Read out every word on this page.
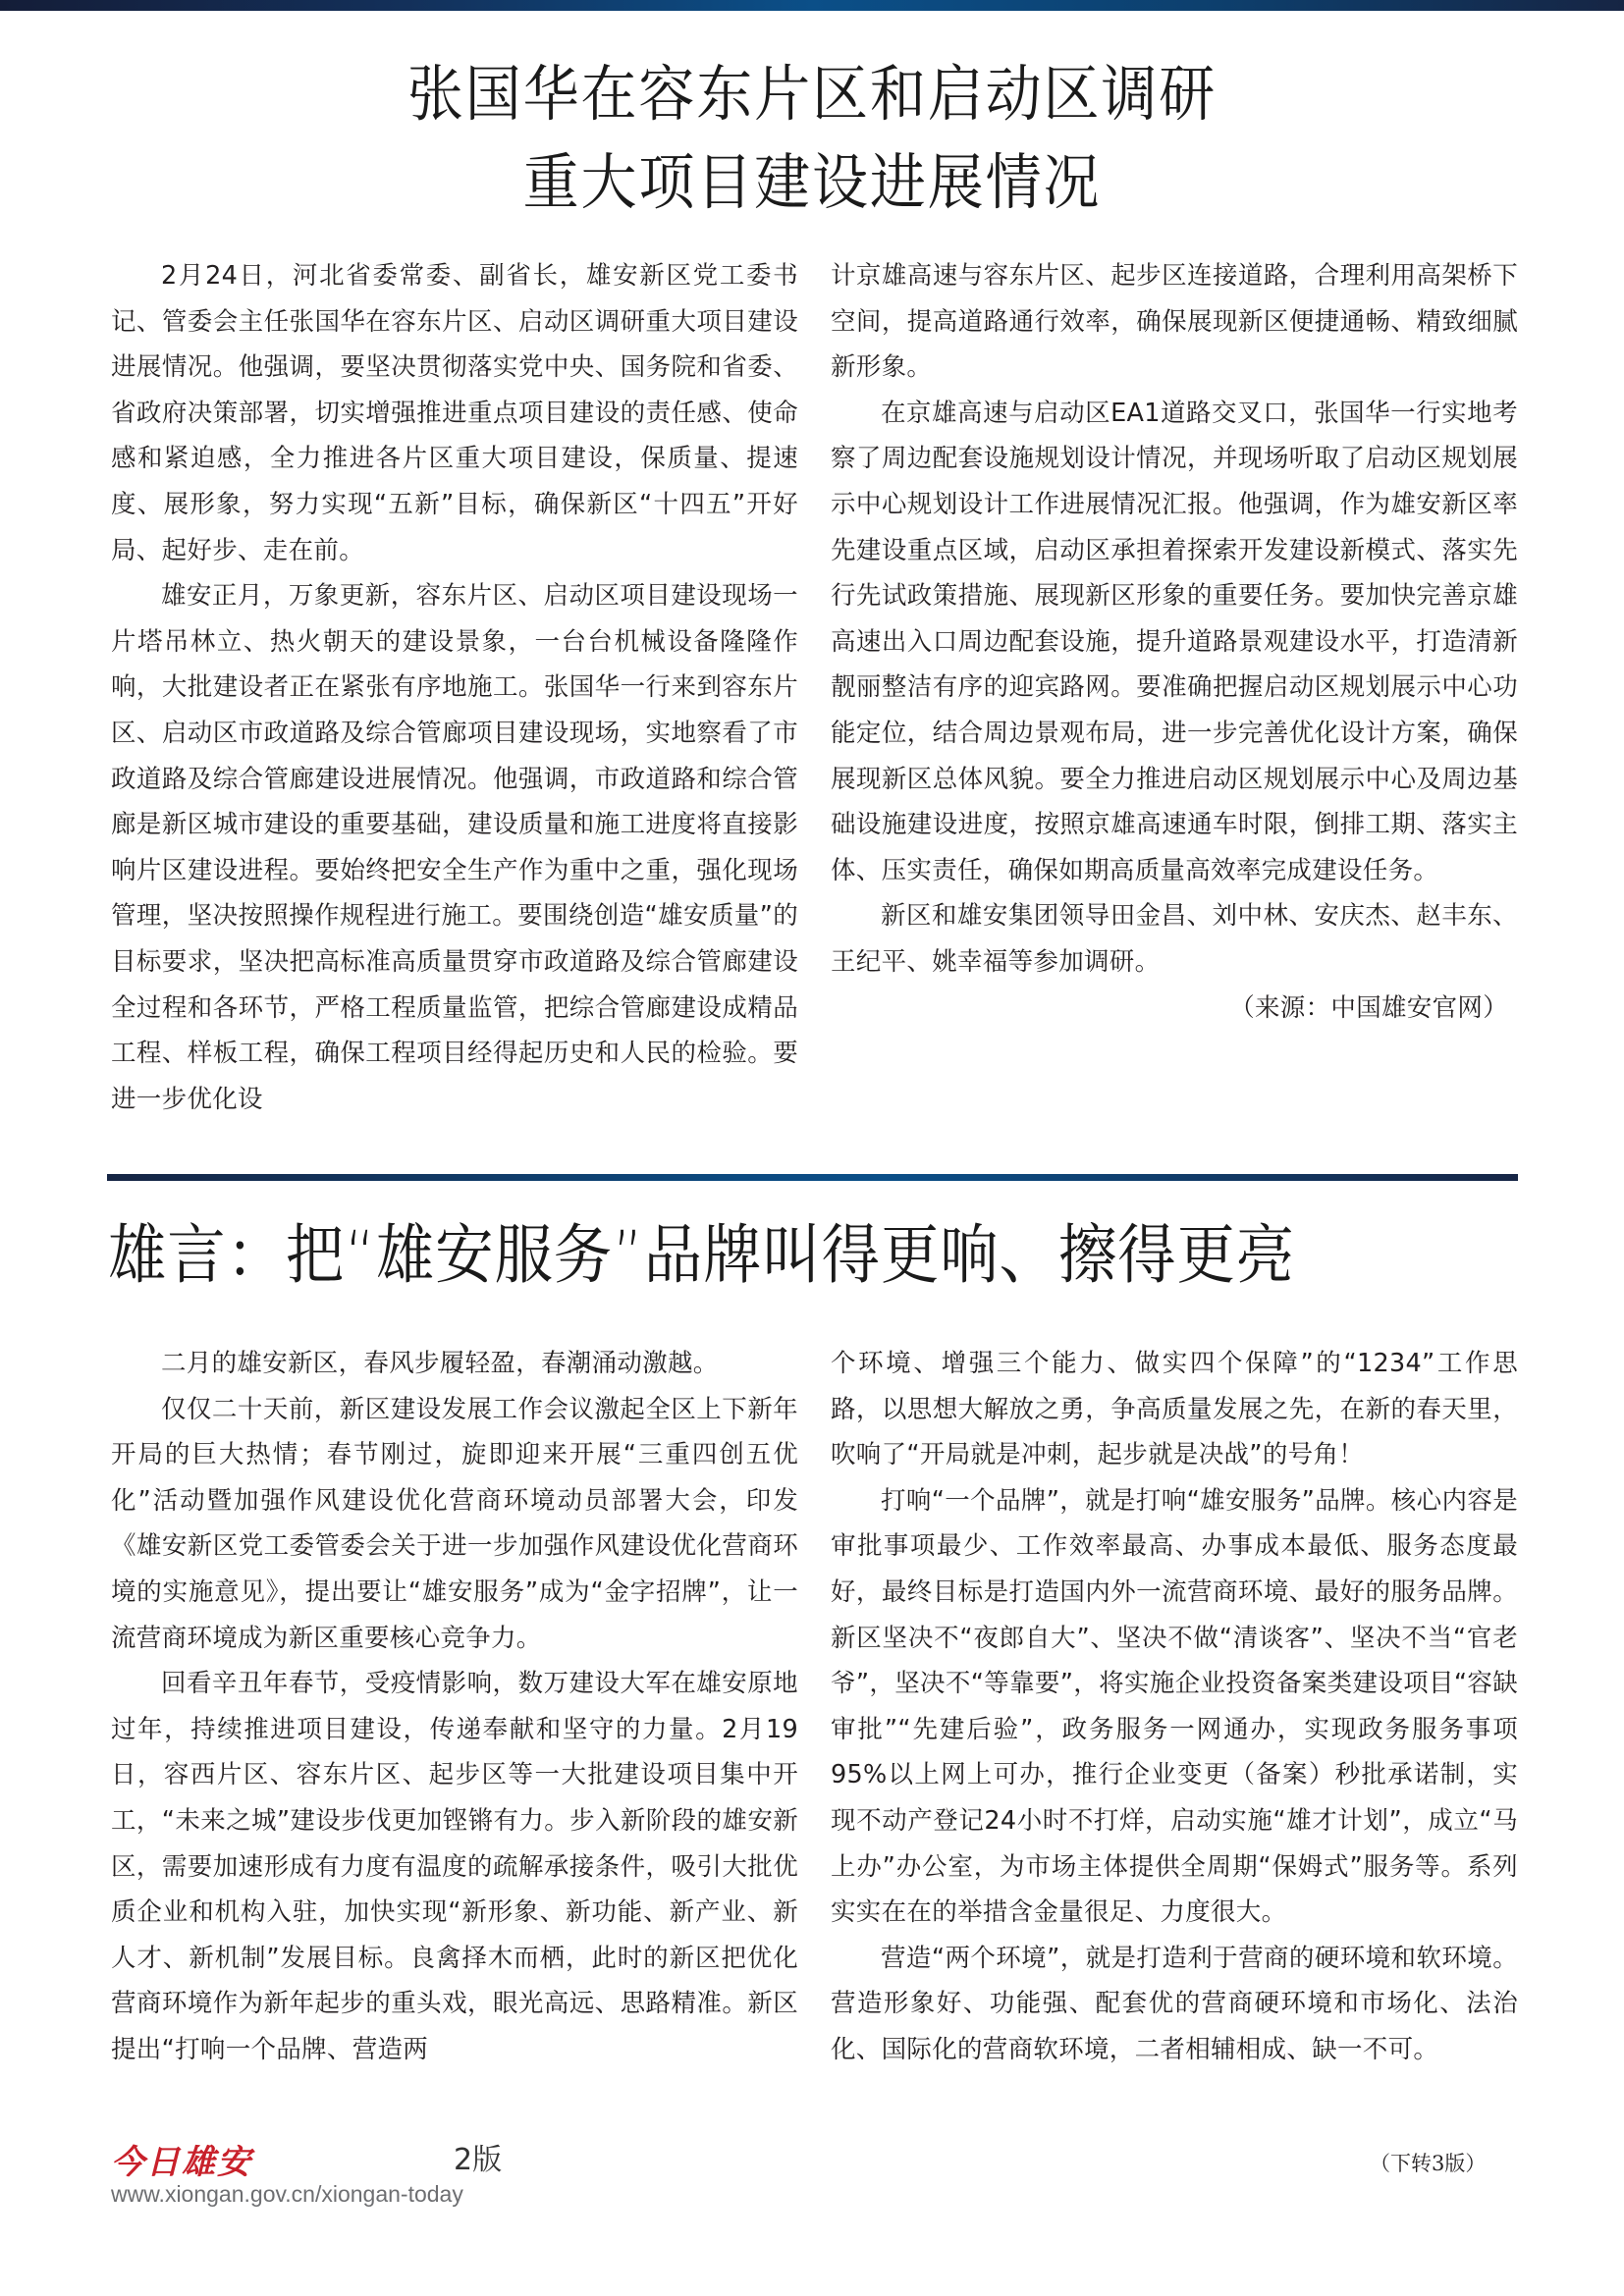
张国华在容东片区和启动区调研
重大项目建设进展情况

2月24日，河北省委常委、副省长，雄安新区党工委书记、管委会主任张国华在容东片区、启动区调研重大项目建设进展情况。他强调，要坚决贯彻落实党中央、国务院和省委、省政府决策部署，切实增强推进重点项目建设的责任感、使命感和紧迫感，全力推进各片区重大项目建设，保质量、提速度、展形象，努力实现“五新”目标，确保新区“十四五”开好局、起好步、走在前。

雄安正月，万象更新，容东片区、启动区项目建设现场一片塔吊林立、热火朝天的建设景象，一台台机械设备隆隆作响，大批建设者正在紧张有序地施工。张国华一行来到容东片区、启动区市政道路及综合管廊项目建设现场，实地察看了市政道路及综合管廊建设进展情况。他强调，市政道路和综合管廊是新区城市建设的重要基础，建设质量和施工进度将直接影响片区建设进程。要始终把安全生产作为重中之重，强化现场管理，坚决按照操作规程进行施工。要围绕创造“雄安质量”的目标要求，坚决把高标准高质量贯穿市政道路及综合管廊建设全过程和各环节，严格工程质量监管，把综合管廊建设成精品工程、样板工程，确保工程项目经得起历史和人民的检验。要进一步优化设

计京雄高速与容东片区、起步区连接道路，合理利用高架桥下空间，提高道路通行效率，确保展现新区便捷通畅、精致细腻新形象。

在京雄高速与启动区EA1道路交叉口，张国华一行实地考察了周边配套设施规划设计情况，并现场听取了启动区规划展示中心规划设计工作进展情况汇报。他强调，作为雄安新区率先建设重点区域，启动区承担着探索开发建设新模式、落实先行先试政策措施、展现新区形象的重要任务。要加快完善京雄高速出入口周边配套设施，提升道路景观建设水平，打造清新靓丽整洁有序的迎宾路网。要准确把握启动区规划展示中心功能定位，结合周边景观布局，进一步完善优化设计方案，确保展现新区总体风貌。要全力推进启动区规划展示中心及周边基础设施建设进度，按照京雄高速通车时限，倒排工期、落实主体、压实责任，确保如期高质量高效率完成建设任务。

新区和雄安集团领导田金昌、刘中林、安庆杰、赵丰东、王纪平、姚幸福等参加调研。

（来源：中国雄安官网）

雄言：把“雄安服务”品牌叫得更响、擦得更亮

二月的雄安新区，春风步履轻盈，春潮涌动激越。

仅仅二十天前，新区建设发展工作会议激起全区上下新年开局的巨大热情；春节刚过，旋即迎来开展“三重四创五优化”活动暨加强作风建设优化营商环境动员部署大会，印发《雄安新区党工委管委会关于进一步加强作风建设优化营商环境的实施意见》，提出要让“雄安服务”成为“金字招牌”，让一流营商环境成为新区重要核心竞争力。

回看辛丑年春节，受疫情影响，数万建设大军在雄安原地过年，持续推进项目建设，传递奉献和坚守的力量。2月19日，容西片区、容东片区、起步区等一大批建设项目集中开工，“未来之城”建设步伐更加铿锵有力。步入新阶段的雄安新区，需要加速形成有力度有温度的疏解承接条件，吸引大批优质企业和机构入驻，加快实现“新形象、新功能、新产业、新人才、新机制”发展目标。良禽择木而栖，此时的新区把优化营商环境作为新年起步的重头戏，眼光高远、思路精准。新区提出“打响一个品牌、营造两

个环境、增强三个能力、做实四个保障”的“1234”工作思路，以思想大解放之勇，争高质量发展之先，在新的春天里，吹响了“开局就是冲刺，起步就是决战”的号角！

打响“一个品牌”，就是打响“雄安服务”品牌。核心内容是审批事项最少、工作效率最高、办事成本最低、服务态度最好，最终目标是打造国内外一流营商环境、最好的服务品牌。新区坚决不“夜郎自大”、坚决不做“清谈客”、坚决不当“官老爷”，坚决不“等靠要”，将实施企业投资备案类建设项目“容缺审批”“先建后验”，政务服务一网通办，实现政务服务事项95%以上网上可办，推行企业变更（备案）秒批承诺制，实现不动产登记24小时不打烊，启动实施“雄才计划”，成立“马上办”办公室，为市场主体提供全周期“保姆式”服务等。系列实实在在的举措含金量很足、力度很大。

营造“两个环境”，就是打造利于营商的硬环境和软环境。营造形象好、功能强、配套优的营商硬环境和市场化、法治化、国际化的营商软环境，二者相辅相成、缺一不可。

（下转3版）
今日雄安	2版
www.xiongan.gov.cn/xiongan-today
